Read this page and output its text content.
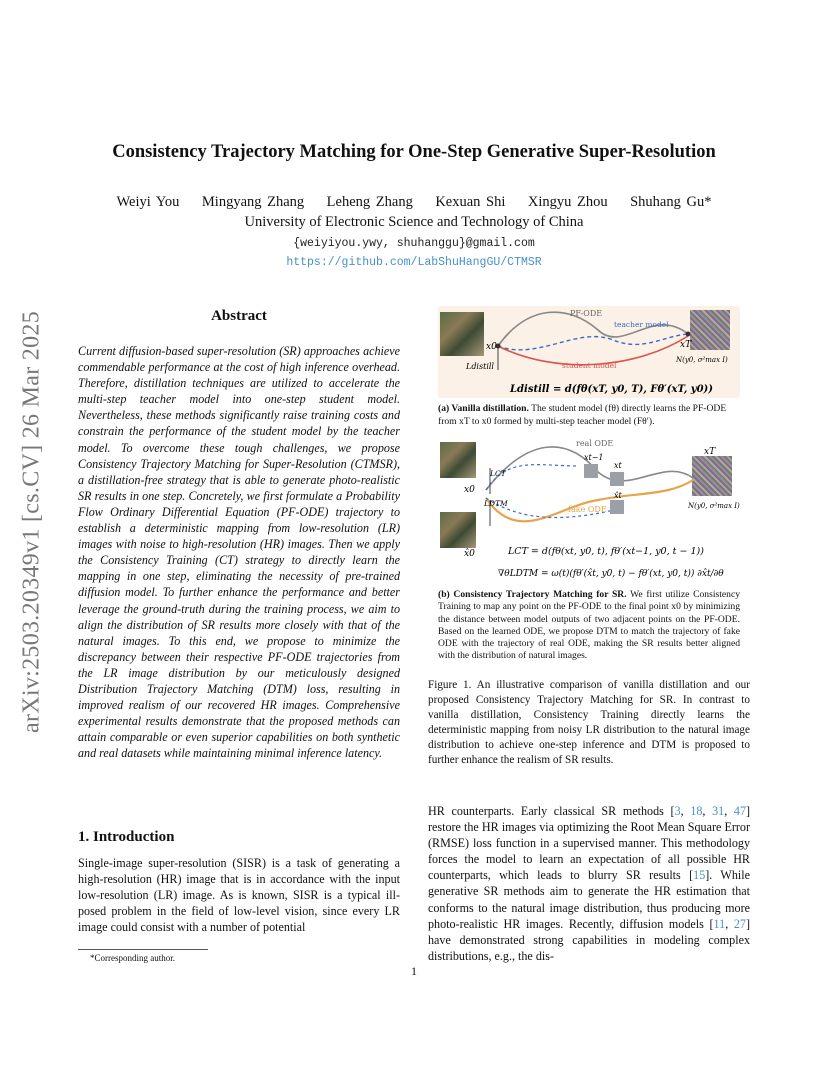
arXiv:2503.20349v1 [cs.CV] 26 Mar 2025
Consistency Trajectory Matching for One-Step Generative Super-Resolution
Weiyi You    Mingyang Zhang    Leheng Zhang    Kexuan Shi    Xingyu Zhou    Shuhang Gu*
University of Electronic Science and Technology of China
{weiyiyou.ywy, shuhanggu}@gmail.com
https://github.com/LabShuHangGU/CTMSR
Abstract
Current diffusion-based super-resolution (SR) approaches achieve commendable performance at the cost of high inference overhead. Therefore, distillation techniques are utilized to accelerate the multi-step teacher model into one-step student model. Nevertheless, these methods significantly raise training costs and constrain the performance of the student model by the teacher model. To overcome these tough challenges, we propose Consistency Trajectory Matching for Super-Resolution (CTMSR), a distillation-free strategy that is able to generate photo-realistic SR results in one step. Concretely, we first formulate a Probability Flow Ordinary Differential Equation (PF-ODE) trajectory to establish a deterministic mapping from low-resolution (LR) images with noise to high-resolution (HR) images. Then we apply the Consistency Training (CT) strategy to directly learn the mapping in one step, eliminating the necessity of pre-trained diffusion model. To further enhance the performance and better leverage the ground-truth during the training process, we aim to align the distribution of SR results more closely with that of the natural images. To this end, we propose to minimize the discrepancy between their respective PF-ODE trajectories from the LR image distribution by our meticulously designed Distribution Trajectory Matching (DTM) loss, resulting in improved realism of our recovered HR images. Comprehensive experimental results demonstrate that the proposed methods can attain comparable or even superior capabilities on both synthetic and real datasets while maintaining minimal inference latency.
1. Introduction
Single-image super-resolution (SISR) is a task of generating a high-resolution (HR) image that is in accordance with the input low-resolution (LR) image. As is known, SISR is a typical ill-posed problem in the field of low-level vision, since every LR image could consist with a number of potential
*Corresponding author.
HR counterparts. Early classical SR methods [3, 18, 31, 47] restore the HR images via optimizing the Root Mean Square Error (RMSE) loss function in a supervised manner. This methodology forces the model to learn an expectation of all possible HR counterparts, which leads to blurry SR results [15]. While generative SR methods aim to generate the HR estimation that conforms to the natural image distribution, thus producing more photo-realistic HR images. Recently, diffusion models [11, 27] have demonstrated strong capabilities in modeling complex distributions, e.g., the dis-
PF-ODE
teacher model
student model
x0	xT
Ldistill
N(y0, σ²max I)
Ldistill = d(fθ(xT, y0, T), Fθ′(xT, y0))
(a) Vanilla distillation. The student model (fθ) directly learns the PF-ODE from xT to x0 formed by multi-step teacher model (Fθ′).
real ODE
fake ODE
x0
x̂0
xT
xt−1
xt
x̂t
LCT
LDTM	N(y0, σ²max I)
LCT = d(fθ(xt, y0, t), fθ′(xt−1, y0, t − 1))
∇θLDTM = ω(t)(fθ′(x̂t, y0, t) − fθ′(xt, y0, t)) ∂x̂t/∂θ
(b) Consistency Trajectory Matching for SR. We first utilize Consistency Training to map any point on the PF-ODE to the final point x0 by minimizing the distance between model outputs of two adjacent points on the PF-ODE. Based on the learned ODE, we propose DTM to match the trajectory of fake ODE with the trajectory of real ODE, making the SR results better aligned with the distribution of natural images.
Figure 1. An illustrative comparison of vanilla distillation and our proposed Consistency Trajectory Matching for SR. In contrast to vanilla distillation, Consistency Training directly learns the deterministic mapping from noisy LR distribution to the natural image distribution to achieve one-step inference and DTM is proposed to further enhance the realism of SR results.
1
